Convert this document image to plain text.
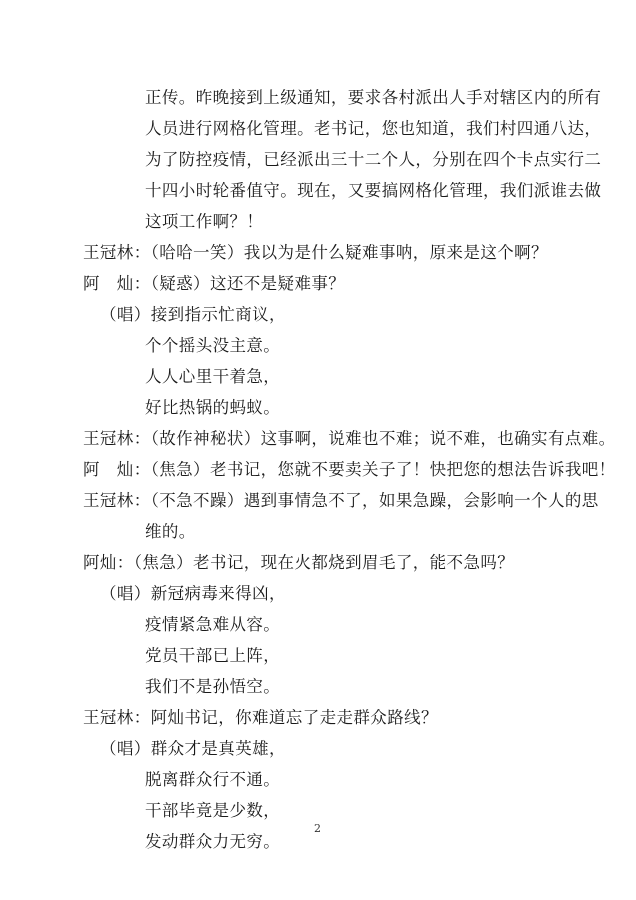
正传。昨晚接到上级通知，要求各村派出人手对辖区内的所有
人员进行网格化管理。老书记，您也知道，我们村四通八达，
为了防控疫情，已经派出三十二个人，分别在四个卡点实行二
十四小时轮番值守。现在，又要搞网格化管理，我们派谁去做
这项工作啊？！
王冠林：（哈哈一笑）我以为是什么疑难事呐，原来是这个啊？
阿　灿：（疑惑）这还不是疑难事？
（唱）接到指示忙商议，
个个摇头没主意。
人人心里干着急，
好比热锅的蚂蚁。
王冠林：（故作神秘状）这事啊，说难也不难；说不难，也确实有点难。
阿　灿：（焦急）老书记，您就不要卖关子了！快把您的想法告诉我吧！
王冠林：（不急不躁）遇到事情急不了，如果急躁，会影响一个人的思
维的。
阿灿：（焦急）老书记，现在火都烧到眉毛了，能不急吗？
（唱）新冠病毒来得凶，
疫情紧急难从容。
党员干部已上阵，
我们不是孙悟空。
王冠林：阿灿书记，你难道忘了走走群众路线？
（唱）群众才是真英雄，
脱离群众行不通。
干部毕竟是少数，
发动群众力无穷。
2
